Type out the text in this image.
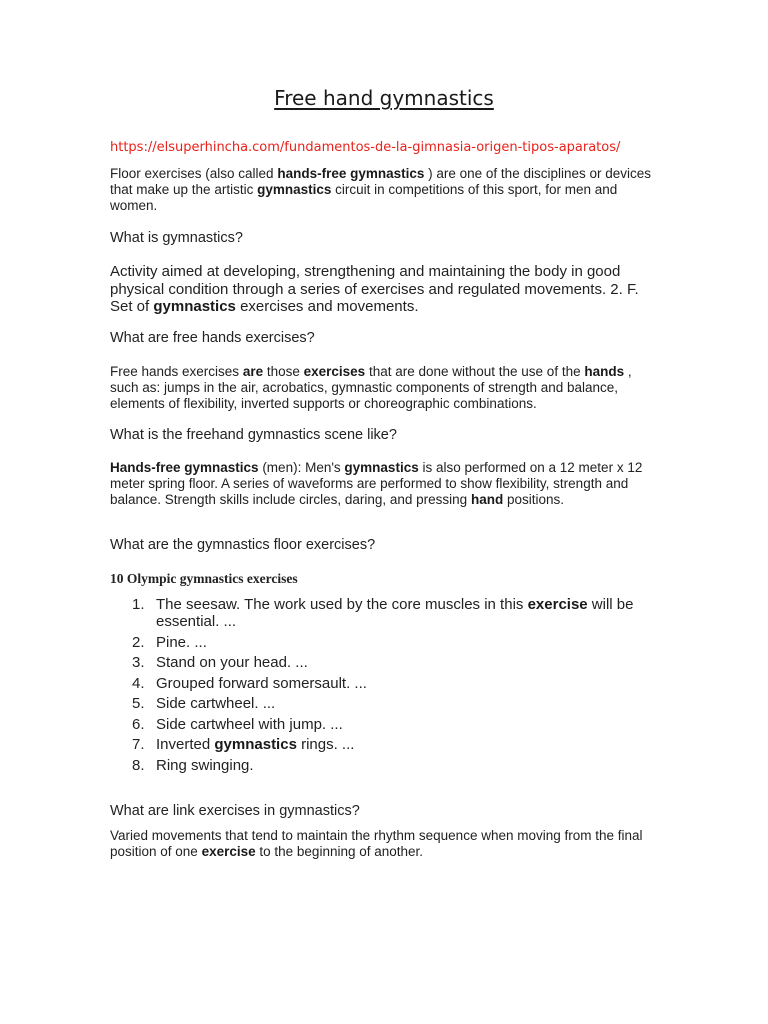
Free hand gymnastics
https://elsuperhincha.com/fundamentos-de-la-gimnasia-origen-tipos-aparatos/

Floor exercises (also called hands-free gymnastics ) are one of the disciplines or devices that make up the artistic gymnastics circuit in competitions of this sport, for men and women.

What is gymnastics?

Activity aimed at developing, strengthening and maintaining the body in good physical condition through a series of exercises and regulated movements. 2. F. Set of gymnastics exercises and movements.

What are free hands exercises?

Free hands exercises are those exercises that are done without the use of the hands , such as: jumps in the air, acrobatics, gymnastic components of strength and balance, elements of flexibility, inverted supports or choreographic combinations.

What is the freehand gymnastics scene like?

Hands-free gymnastics (men): Men's gymnastics is also performed on a 12 meter x 12 meter spring floor. A series of waveforms are performed to show flexibility, strength and balance. Strength skills include circles, daring, and pressing hand positions.

What are the gymnastics floor exercises?
10 Olympic gymnastics exercises
1. The seesaw. The work used by the core muscles in this exercise will be essential. ...
2. Pine. ...
3. Stand on your head. ...
4. Grouped forward somersault. ...
5. Side cartwheel. ...
6. Side cartwheel with jump. ...
7. Inverted gymnastics rings. ...
8. Ring swinging.
What are link exercises in gymnastics?

Varied movements that tend to maintain the rhythm sequence when moving from the final position of one exercise to the beginning of another.
